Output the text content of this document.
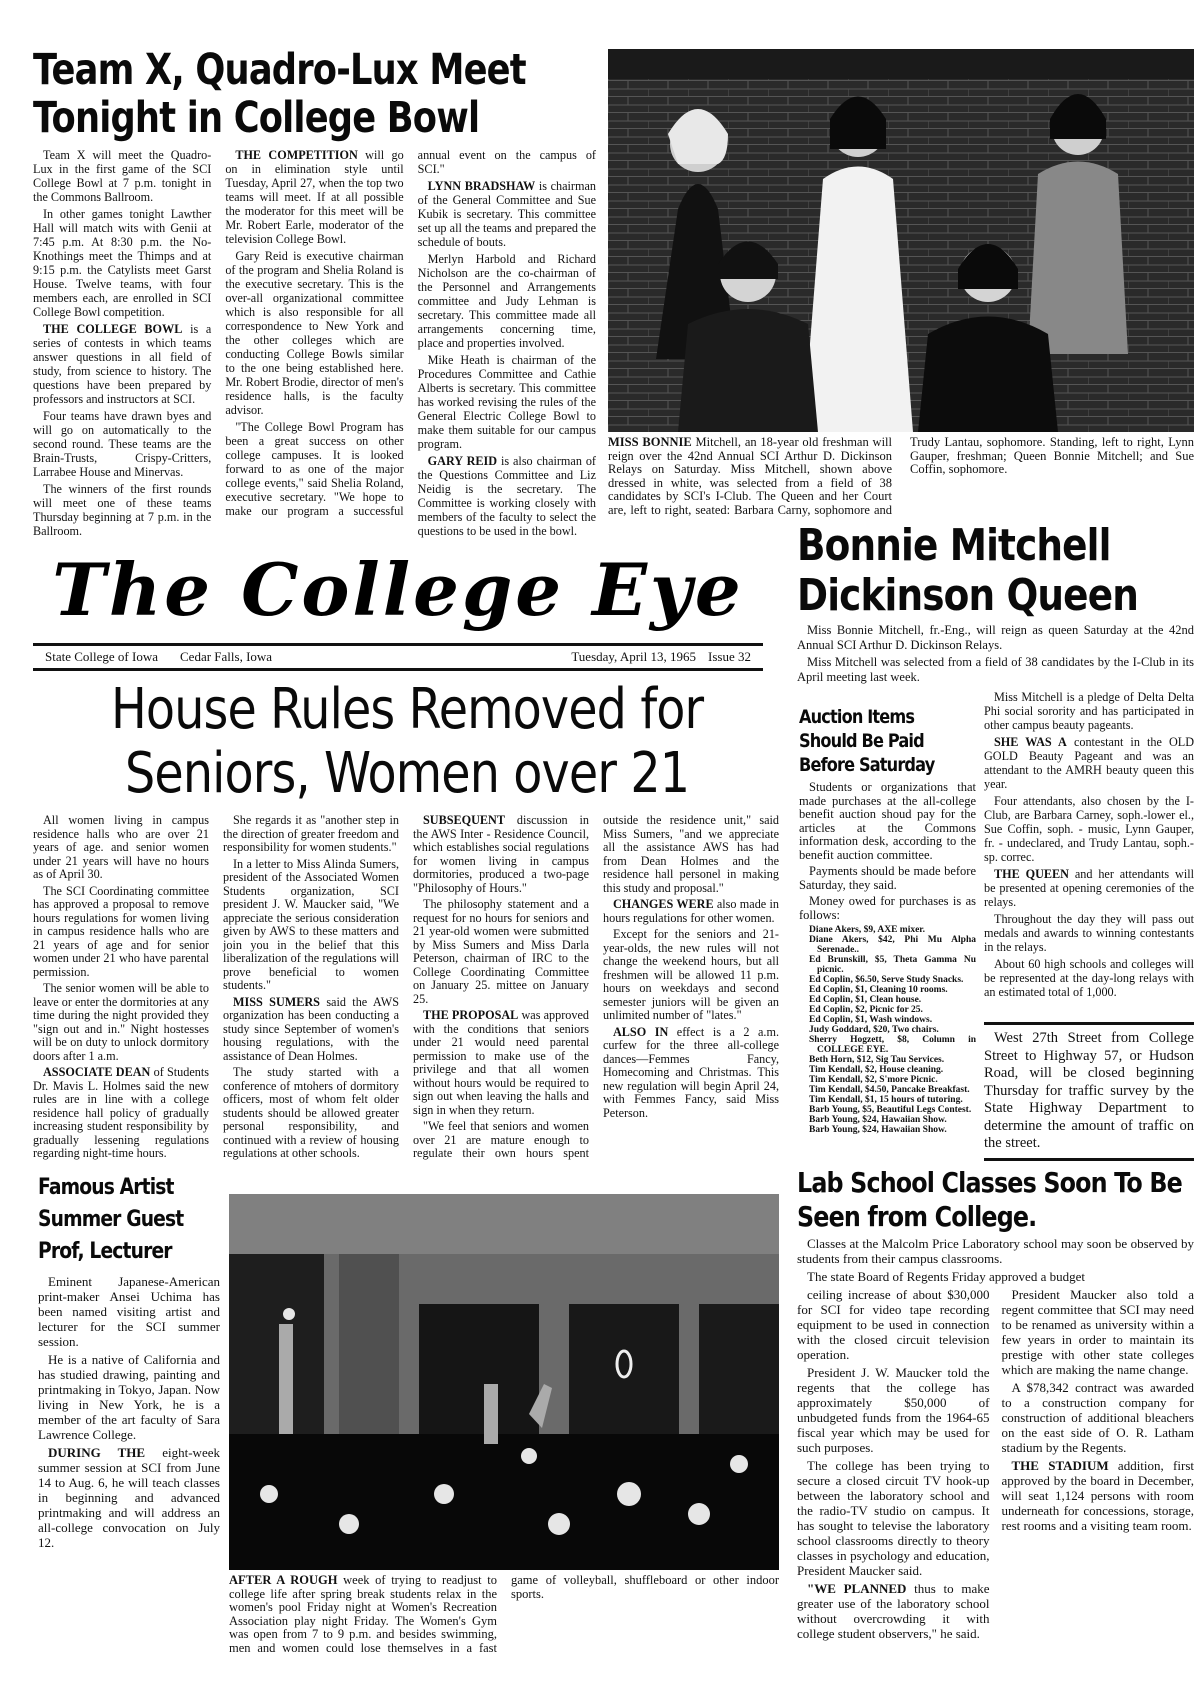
Team X, Quadro-Lux Meet Tonight in College Bowl

Team X will meet the Quadro-Lux in the first game of the SCI College Bowl at 7 p.m. tonight in the Commons Ballroom.

In other games tonight Lawther Hall will match wits with Genii at 7:45 p.m. At 8:30 p.m. the No-Knothings meet the Thimps and at 9:15 p.m. the Catylists meet Garst House. Twelve teams, with four members each, are enrolled in SCI College Bowl competition.

THE COLLEGE BOWL is a series of contests in which teams answer questions in all field of study, from science to history. The questions have been prepared by professors and instructors at SCI.

Four teams have drawn byes and will go on automatically to the second round. These teams are the Brain-Trusts, Crispy-Critters, Larrabee House and Minervas.

The winners of the first rounds will meet one of these teams Thursday beginning at 7 p.m. in the Ballroom.

THE COMPETITION will go on in elimination style until Tuesday, April 27, when the top two teams will meet. If at all possible the moderator for this meet will be Mr. Robert Earle, moderator of the television College Bowl.

Gary Reid is executive chairman of the program and Shelia Roland is the executive secretary. This is the over-all organizational committee which is also responsible for all correspondence to New York and the other colleges which are conducting College Bowls similar to the one being established here. Mr. Robert Brodie, director of men's residence halls, is the faculty advisor.

"The College Bowl Program has been a great success on other college campuses. It is looked forward to as one of the major college events," said Shelia Roland, executive secretary. "We hope to make our program a successful annual event on the campus of SCI."

LYNN BRADSHAW is chairman of the General Committee and Sue Kubik is secretary. This committee set up all the teams and prepared the schedule of bouts.

Merlyn Harbold and Richard Nicholson are the co-chairman of the Personnel and Arrangements committee and Judy Lehman is secretary. This committee made all arrangements concerning time, place and properties involved.

Mike Heath is chairman of the Procedures Committee and Cathie Alberts is secretary. This committee has worked revising the rules of the General Electric College Bowl to make them suitable for our campus program.

GARY REID is also chairman of the Questions Committee and Liz Neidig is the secretary. The Committee is working closely with members of the faculty to select the questions to be used in the bowl.

MISS BONNIE Mitchell, an 18-year old freshman will reign over the 42nd Annual SCI Arthur D. Dickinson Relays on Saturday. Miss Mitchell, shown above dressed in white, was selected from a field of 38 candidates by SCI's I-Club. The Queen and her Court are, left to right, seated: Barbara Carny, sophomore and Trudy Lantau, sophomore. Standing, left to right, Lynn Gauper, freshman; Queen Bonnie Mitchell; and Sue Coffin, sophomore.

The College Eye
State College of Iowa Cedar Falls, Iowa	Tuesday, April 13, 1965 Issue 32
Bonnie Mitchell Dickinson Queen

Miss Bonnie Mitchell, fr.-Eng., will reign as queen Saturday at the 42nd Annual SCI Arthur D. Dickinson Relays.

Miss Mitchell was selected from a field of 38 candidates by the I-Club in its April meeting last week.

Miss Mitchell is a pledge of Delta Delta Phi social sorority and has participated in other campus beauty pageants.

SHE WAS A contestant in the OLD GOLD Beauty Pageant and was an attendant to the AMRH beauty queen this year.

Four attendants, also chosen by the I-Club, are Barbara Carney, soph.-lower el., Sue Coffin, soph. - music, Lynn Gauper, fr. - undeclared, and Trudy Lantau, soph.-sp. correc.

THE QUEEN and her attendants will be presented at opening ceremonies of the relays.

Throughout the day they will pass out medals and awards to winning contestants in the relays.

About 60 high schools and colleges will be represented at the day-long relays with an estimated total of 1,000.

West 27th Street from College Street to Highway 57, or Hudson Road, will be closed beginning Thursday for traffic survey by the State Highway Department to determine the amount of traffic on the street.

House Rules Removed for Seniors, Women over 21

All women living in campus residence halls who are over 21 years of age. and senior women under 21 years will have no hours as of April 30.

The SCI Coordinating committee has approved a proposal to remove hours regulations for women living in campus residence halls who are 21 years of age and for senior women under 21 who have parental permission.

The senior women will be able to leave or enter the dormitories at any time during the night provided they "sign out and in." Night hostesses will be on duty to unlock dormitory doors after 1 a.m.

ASSOCIATE DEAN of Students Dr. Mavis L. Holmes said the new rules are in line with a college residence hall policy of gradually increasing student responsibility by gradually lessening regulations regarding night-time hours.

She regards it as "another step in the direction of greater freedom and responsibility for women students."

In a letter to Miss Alinda Sumers, president of the Associated Women Students organization, SCI president J. W. Maucker said, "We appreciate the serious consideration given by AWS to these matters and join you in the belief that this liberalization of the regulations will prove beneficial to women students."

MISS SUMERS said the AWS organization has been conducting a study since September of women's housing regulations, with the assistance of Dean Holmes.

The study started with a conference of mtohers of dormitory officers, most of whom felt older students should be allowed greater personal responsibility, and continued with a review of housing regulations at other schools.

SUBSEQUENT discussion in the AWS Inter - Residence Council, which establishes social regulations for women living in campus dormitories, produced a two-page "Philosophy of Hours."

The philosophy statement and a request for no hours for seniors and 21 year-old women were submitted by Miss Sumers and Miss Darla Peterson, chairman of IRC to the College Coordinating Committee on January 25. mittee on January 25.

THE PROPOSAL was approved with the conditions that seniors under 21 would need parental permission to make use of the privilege and that all women without hours would be required to sign out when leaving the halls and sign in when they return.

"We feel that seniors and women over 21 are mature enough to regulate their own hours spent outside the residence unit," said Miss Sumers, "and we appreciate all the assistance AWS has had from Dean Holmes and the residence hall personel in making this study and proposal."

CHANGES WERE also made in hours regulations for other women.

Except for the seniors and 21-year-olds, the new rules will not change the weekend hours, but all freshmen will be allowed 11 p.m. hours on weekdays and second semester juniors will be given an unlimited number of "lates."

ALSO IN effect is a 2 a.m. curfew for the three all-college dances—Femmes Fancy, Homecoming and Christmas. This new regulation will begin April 24, with Femmes Fancy, said Miss Peterson.

Famous Artist Summer Guest Prof, Lecturer

Eminent Japanese-American print-maker Ansei Uchima has been named visiting artist and lecturer for the SCI summer session.

He is a native of California and has studied drawing, painting and printmaking in Tokyo, Japan. Now living in New York, he is a member of the art faculty of Sara Lawrence College.

DURING THE eight-week summer session at SCI from June 14 to Aug. 6, he will teach classes in beginning and advanced printmaking and will address an all-college convocation on July 12.

AFTER A ROUGH week of trying to readjust to college life after spring break students relax in the women's pool Friday night at Women's Recreation Association play night Friday. The Women's Gym was open from 7 to 9 p.m. and besides swimming, men and women could lose themselves in a fast game of volleyball, shuffleboard or other indoor sports.

Auction Items Should Be Paid Before Saturday

Students or organizations that made purchases at the all-college benefit auction shoud pay for the articles at the Commons information desk, according to the benefit auction committee.

Payments should be made before Saturday, they said.

Money owed for purchases is as follows:

Diane Akers, $9, AXE mixer.
Diane Akers, $42, Phi Mu Alpha Serenade..
Ed Brunskill, $5, Theta Gamma Nu picnic.
Ed Coplin, $6.50, Serve Study Snacks.
Ed Coplin, $1, Cleaning 10 rooms.
Ed Coplin, $1, Clean house.
Ed Coplin, $2, Picnic for 25.
Ed Coplin, $1, Wash windows.
Judy Goddard, $20, Two chairs.
Sherry Hogzett, $8, Column in COLLEGE EYE.
Beth Horn, $12, Sig Tau Services.
Tim Kendall, $2, House cleaning.
Tim Kendall, $2, S'more Picnic.
Tim Kendall, $4.50, Pancake Breakfast.
Tim Kendall, $1, 15 hours of tutoring.
Barb Young, $5, Beautiful Legs Contest.
Barb Young, $24, Hawaiian Show.
Barb Young, $24, Hawaiian Show.
Lab School Classes Soon To Be Seen from College.

Classes at the Malcolm Price Laboratory school may soon be observed by students from their campus classrooms.

The state Board of Regents Friday approved a budget

ceiling increase of about $30,000 for SCI for video tape recording equipment to be used in connection with the closed circuit television operation.

President J. W. Maucker told the regents that the college has approximately $50,000 of unbudgeted funds from the 1964-65 fiscal year which may be used for such purposes.

The college has been trying to secure a closed circuit TV hook-up between the laboratory school and the radio-TV studio on campus. It has sought to televise the laboratory school classrooms directly to theory classes in psychology and education, President Maucker said.

"WE PLANNED thus to make greater use of the laboratory school without overcrowding it with college student observers," he said.

President Maucker also told a regent committee that SCI may need to be renamed as university within a few years in order to maintain its prestige with other state colleges which are making the name change.

A $78,342 contract was awarded to a construction company for construction of additional bleachers on the east side of O. R. Latham stadium by the Regents.

THE STADIUM addition, first approved by the board in December, will seat 1,124 persons with room underneath for concessions, storage, rest rooms and a visiting team room.
